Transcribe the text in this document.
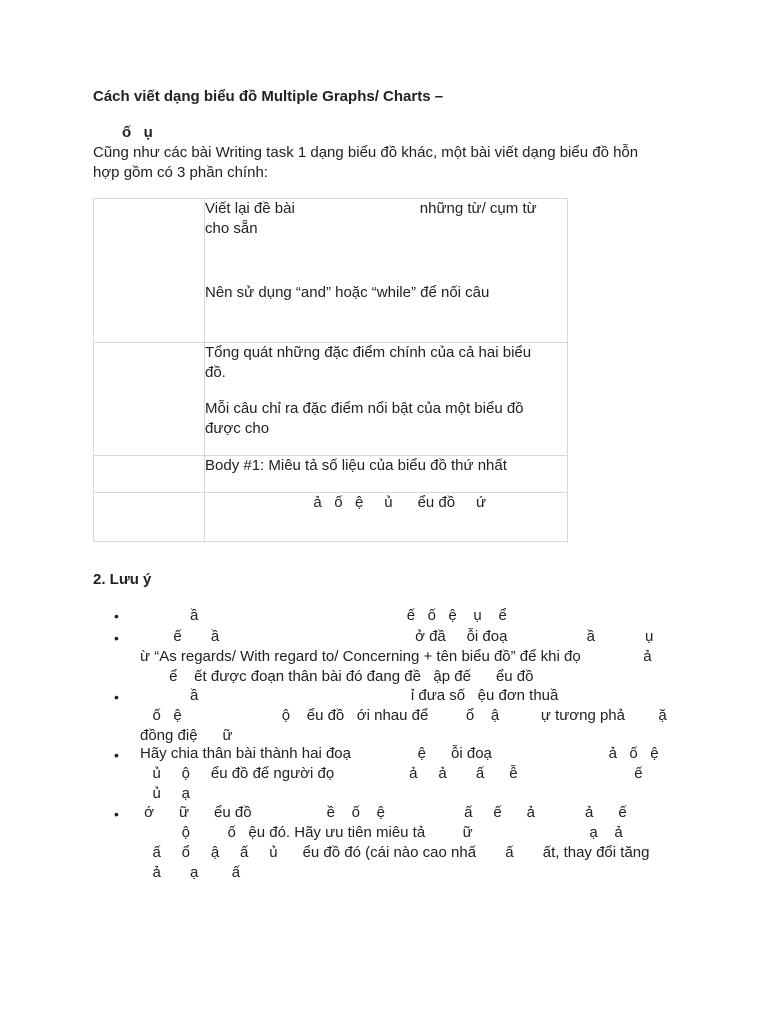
Cách viết dạng biểu đồ Multiple Graphs/ Charts –
ố   ụ
Cũng như các bài Writing task 1 dạng biểu đồ khác, một bài viết dạng biểu đồ hỗn
hợp gồm có 3 phần chính:

	Viết lại đề bài                              những từ/ cụm từ
cho sẵn

Nên sử dụng “and” hoặc “while” để nối câu

	Tổng quát những đặc điểm chính của cả hai biểu
đồ.
Mỗi câu chỉ ra đặc điểm nổi bật của một biểu đồ
được cho

	Body #1: Miêu tả số liệu của biểu đồ thứ nhất

	ả   ố   ệ     ủ      ểu đồ     ứ
2. Lưu ý
• ầ                                                  ế   ố   ệ    ụ    ể
• ế       ầ                                               ở đầ     ỗi đoạ                   ầ            ụ
ừ “As regards/ With regard to/ Concerning + tên biểu đồ” để khi đọ               ả
ể    ết được đoạn thân bài đó đang đề   ập đế      ểu đồ
• ầ                                                   ỉ đưa số   ệu đơn thuầ
ố   ệ                        ộ    ểu đồ   ới nhau để         ổ    ậ          ự tương phả        ặ
đồng điệ      ữ
• Hãy chia thân bài thành hai đoạ                ệ      ỗi đoạ                            ả   ố   ệ
ủ     ộ     ểu đồ để người đọ                  ả     ả       ấ      ễ                            ế
ủ     ạ
• ớ      ữ      ểu đồ                  ề    ố    ệ                   ấ     ế      ả            ả      ế
ộ         ố   ệu đó. Hãy ưu tiên miêu tả         ữ                            ạ    ả
ấ     ổ     ậ     ấ     ủ      ểu đồ đó (cái nào cao nhấ       ấ       ất, thay đổi tăng
ả       ạ        ấ
